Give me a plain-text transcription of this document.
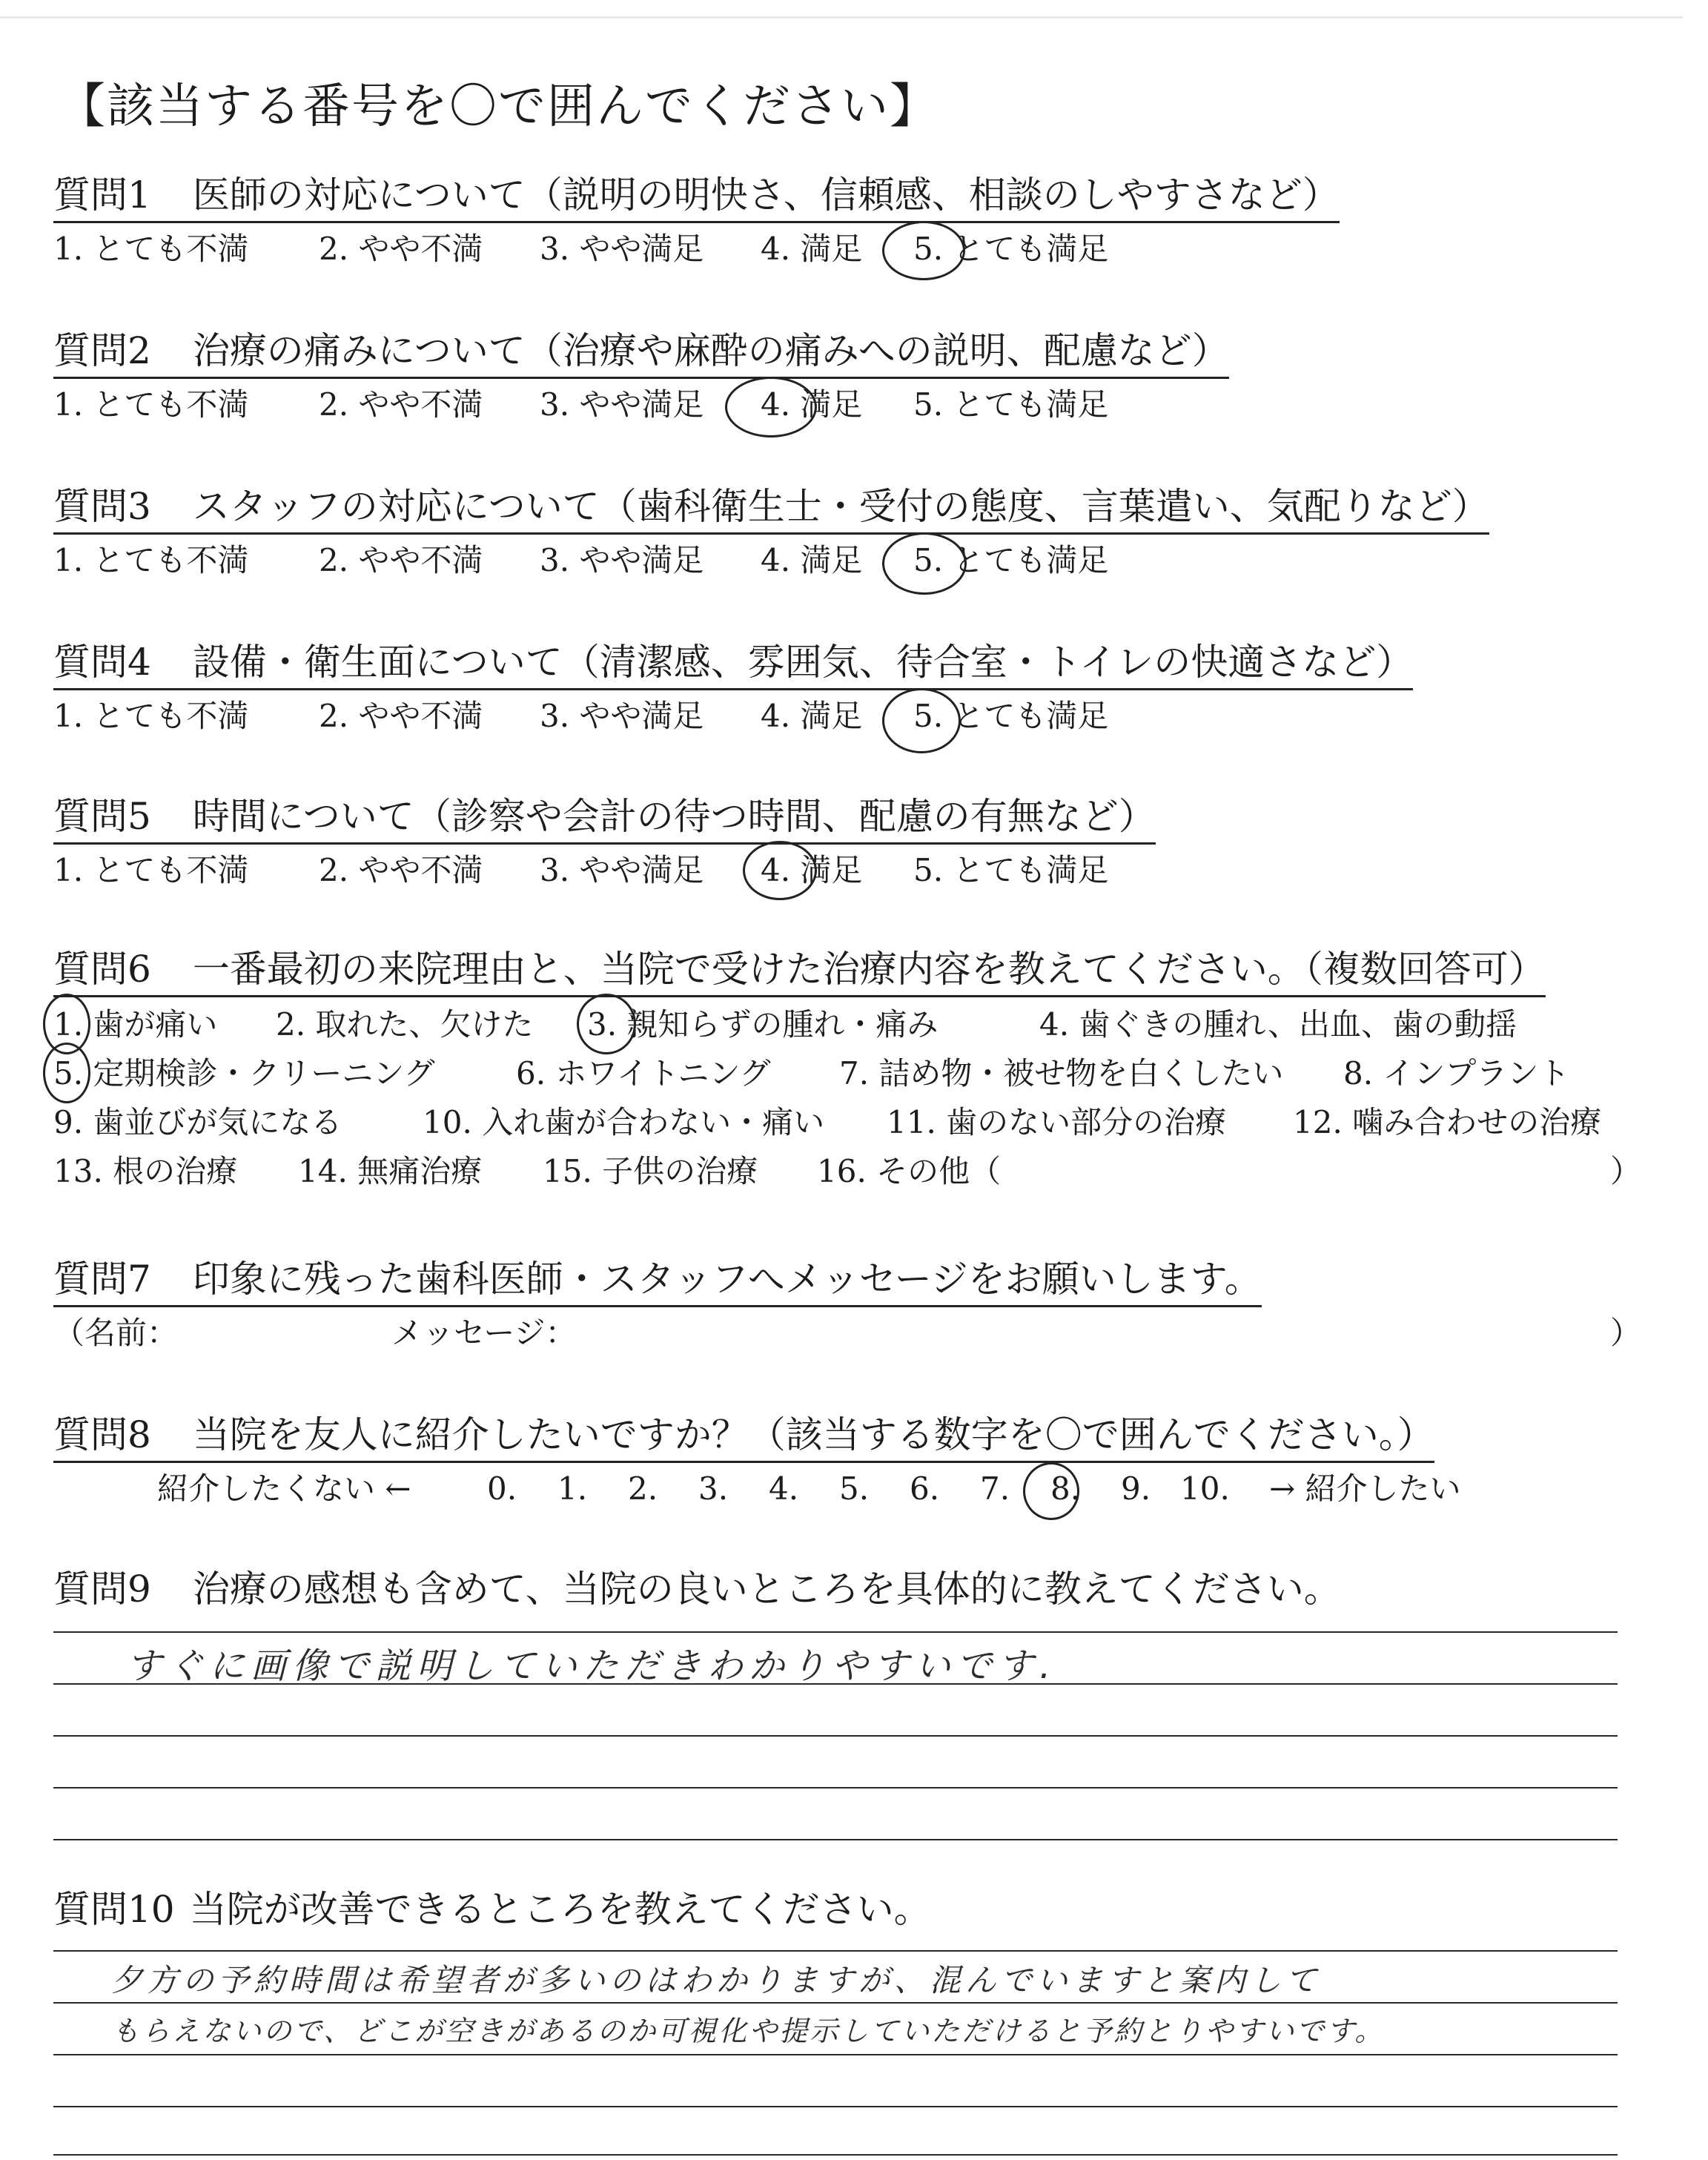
【該当する番号を〇で囲んでください】
質問1 医師の対応について（説明の明快さ、信頼感、相談のしやすさなど）
1. とても不満 2. やや不満 3. やや満足 4. 満足 5. とても満足
質問2 治療の痛みについて（治療や麻酔の痛みへの説明、配慮など）
1. とても不満 2. やや不満 3. やや満足 4. 満足 5. とても満足
質問3 スタッフの対応について（歯科衛生士・受付の態度、言葉遣い、気配りなど）
1. とても不満 2. やや不満 3. やや満足 4. 満足 5. とても満足
質問4 設備・衛生面について（清潔感、雰囲気、待合室・トイレの快適さなど）
1. とても不満 2. やや不満 3. やや満足 4. 満足 5. とても満足
質問5 時間について（診察や会計の待つ時間、配慮の有無など）
1. とても不満 2. やや不満 3. やや満足 4. 満足 5. とても満足
質問6 一番最初の来院理由と、当院で受けた治療内容を教えてください。（複数回答可）
1. 歯が痛い 2. 取れた、欠けた 3. 親知らずの腫れ・痛み	4. 歯ぐきの腫れ、出血、歯の動揺
5. 定期検診・クリーニング	6. ホワイトニング 7. 詰め物・被せ物を白くしたい 8. インプラント
9. 歯並びが気になる	10. 入れ歯が合わない・痛い 11. 歯のない部分の治療 12. 噛み合わせの治療
13. 根の治療 14. 無痛治療 15. 子供の治療 16. その他（	）
質問7 印象に残った歯科医師・スタッフへメッセージをお願いします。
（名前：	メッセージ：	）
質問8 当院を友人に紹介したいですか？（該当する数字を〇で囲んでください。）
紹介したくない ← 0. 1. 2. 3. 4. 5. 6. 7. 8. 9. 10. → 紹介したい
質問9 治療の感想も含めて、当院の良いところを具体的に教えてください。
すぐに画像で説明していただきわかりやすいです.
質問10 当院が改善できるところを教えてください。
夕方の予約時間は希望者が多いのはわかりますが、混んでいますと案内して
もらえないので、どこが空きがあるのか可視化や提示していただけると予約とりやすいです。
